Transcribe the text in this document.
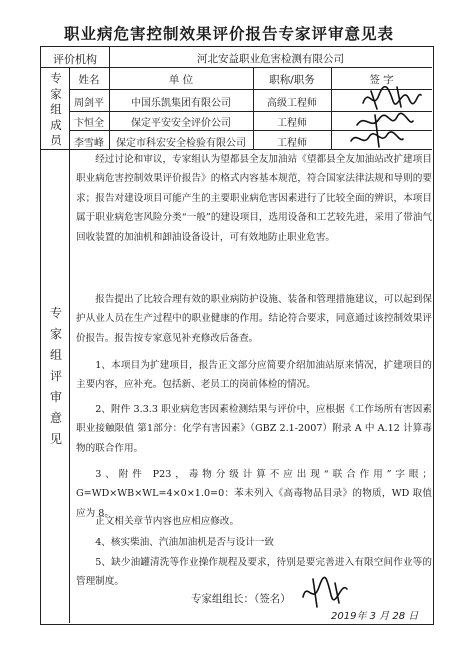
职业病危害控制效果评价报告专家评审意见表
评价机构	河北安益职业危害检测有限公司
专家组成员
姓名	单 位	职称/职务	签 字
周剑平	中国乐凯集团有限公司	高级工程师
卞恒全	保定平安安全评价公司	工程师
李雪峰	保定市科宏安全检验有限公司	工程师
专家组评审意见
经过讨论和审议，专家组认为望都县全友加油站《望都县全友加油站改扩建项目职业病危害控制效果评价报告》的格式内容基本规范，符合国家法律法规和导则的要求；报告对建设项目可能产生的主要职业病危害因素进行了比较全面的辨识，本项目属于职业病危害风险分类“一般”的建设项目，选用设备和工艺较先进，采用了带油气回收装置的加油机和卸油设备设计，可有效地防止职业危害。
报告提出了比较合理有效的职业病防护设施、装备和管理措施建议，可以起到保护从业人员在生产过程中的职业健康的作用。结论符合要求，同意通过该控制效果评价报告。报告按专家意见补充修改后备查。
1、本项目为扩建项目，报告正文部分应简要介绍加油站原来情况，扩建项目的主要内容，应补充。包括新、老员工的岗前体检的情况。
2、附件 3.3.3 职业病危害因素检测结果与评价中，应根据《工作场所有害因素职业接触限值 第1部分：化学有害因素》（GBZ 2.1-2007）附录 A 中 A.12 计算毒物的联合作用。
3、附件 P23，毒物分级计算不应出现“联合作用”字眼；G=WD×WB×WL=4×0×1.0=0：苯未列入《高毒物品目录》的物质，WD 取值应为 8。
正文相关章节内容也应相应修改。
4、核实柴油、汽油加油机是否与设计一致
5、缺少油罐清洗等作业操作规程及要求，待别是要完善进入有限空间作业等的管理制度。
专家组组长：（签名）
2019年 3 月 28 日
